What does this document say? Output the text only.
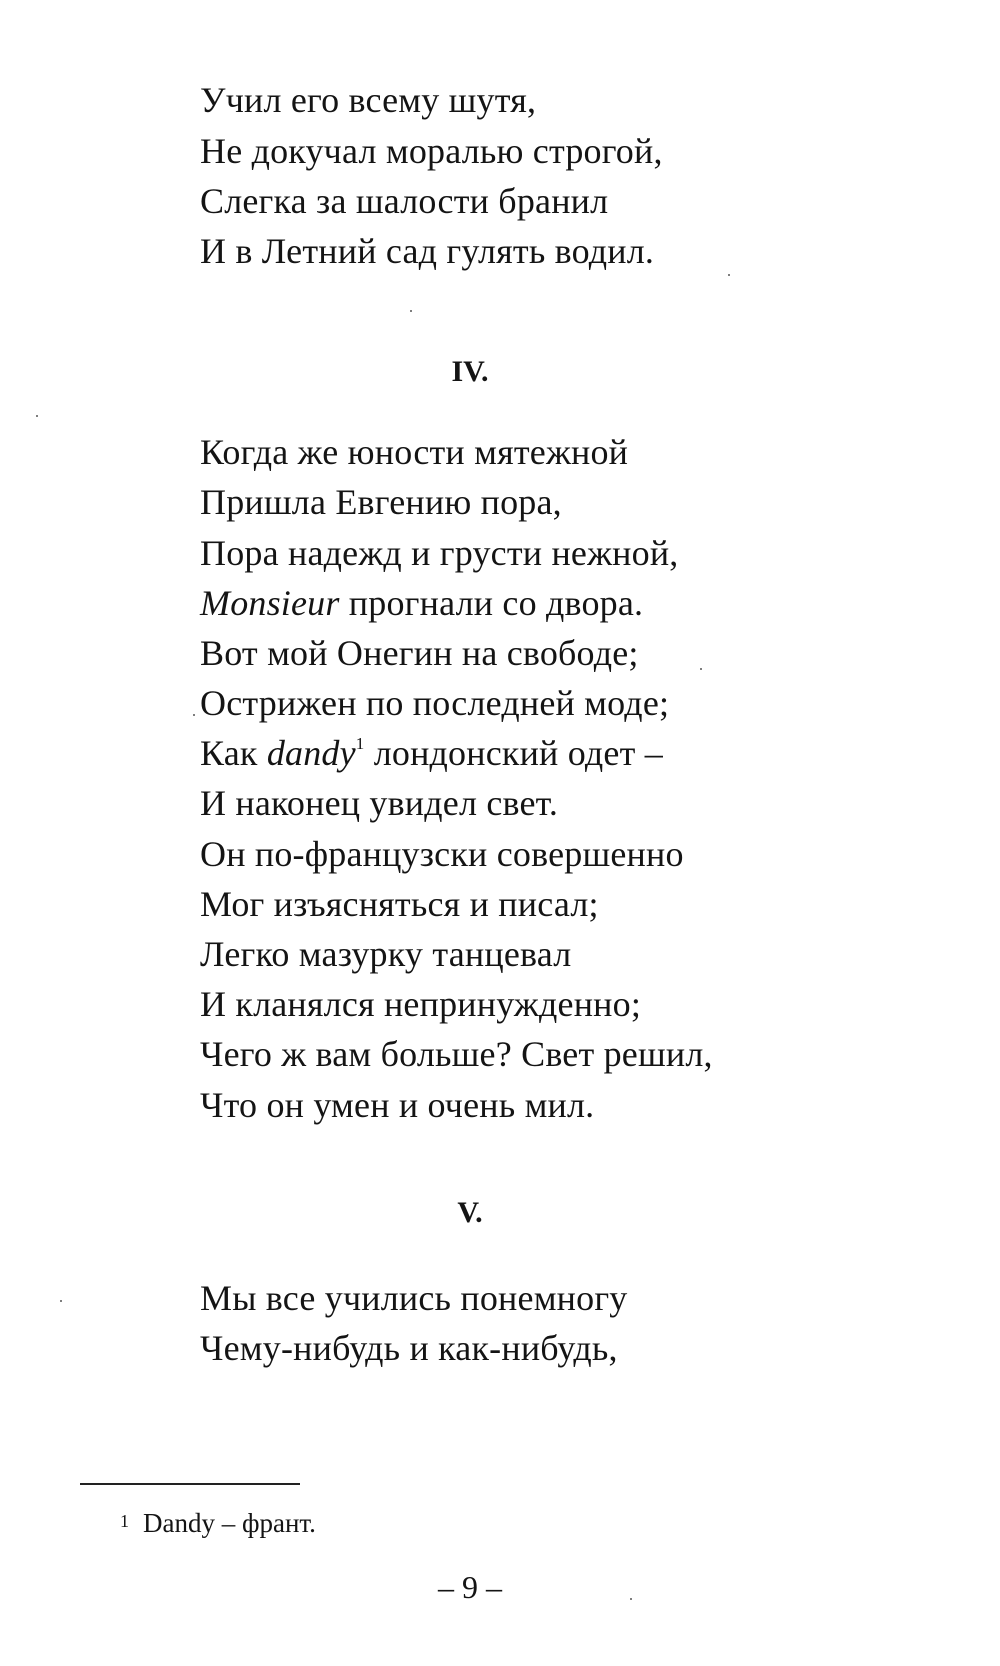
Учил его всему шутя,
Не докучал моралью строгой,
Слегка за шалости бранил
И в Летний сад гулять водил.
IV.
Когда же юности мятежной
Пришла Евгению пора,
Пора надежд и грусти нежной,
Monsieur прогнали со двора.
Вот мой Онегин на свободе;
Острижен по последней моде;
Как dandy$^1$ лондонский одет –
И наконец увидел свет.
Он по-французски совершенно
Мог изъясняться и писал;
Легко мазурку танцевал
И кланялся непринужденно;
Чего ж вам больше? Свет решил,
Что он умен и очень мил.
V.
Мы все учились понемногу
Чему-нибудь и как-нибудь,
1 Dandy – франт.
– 9 –
